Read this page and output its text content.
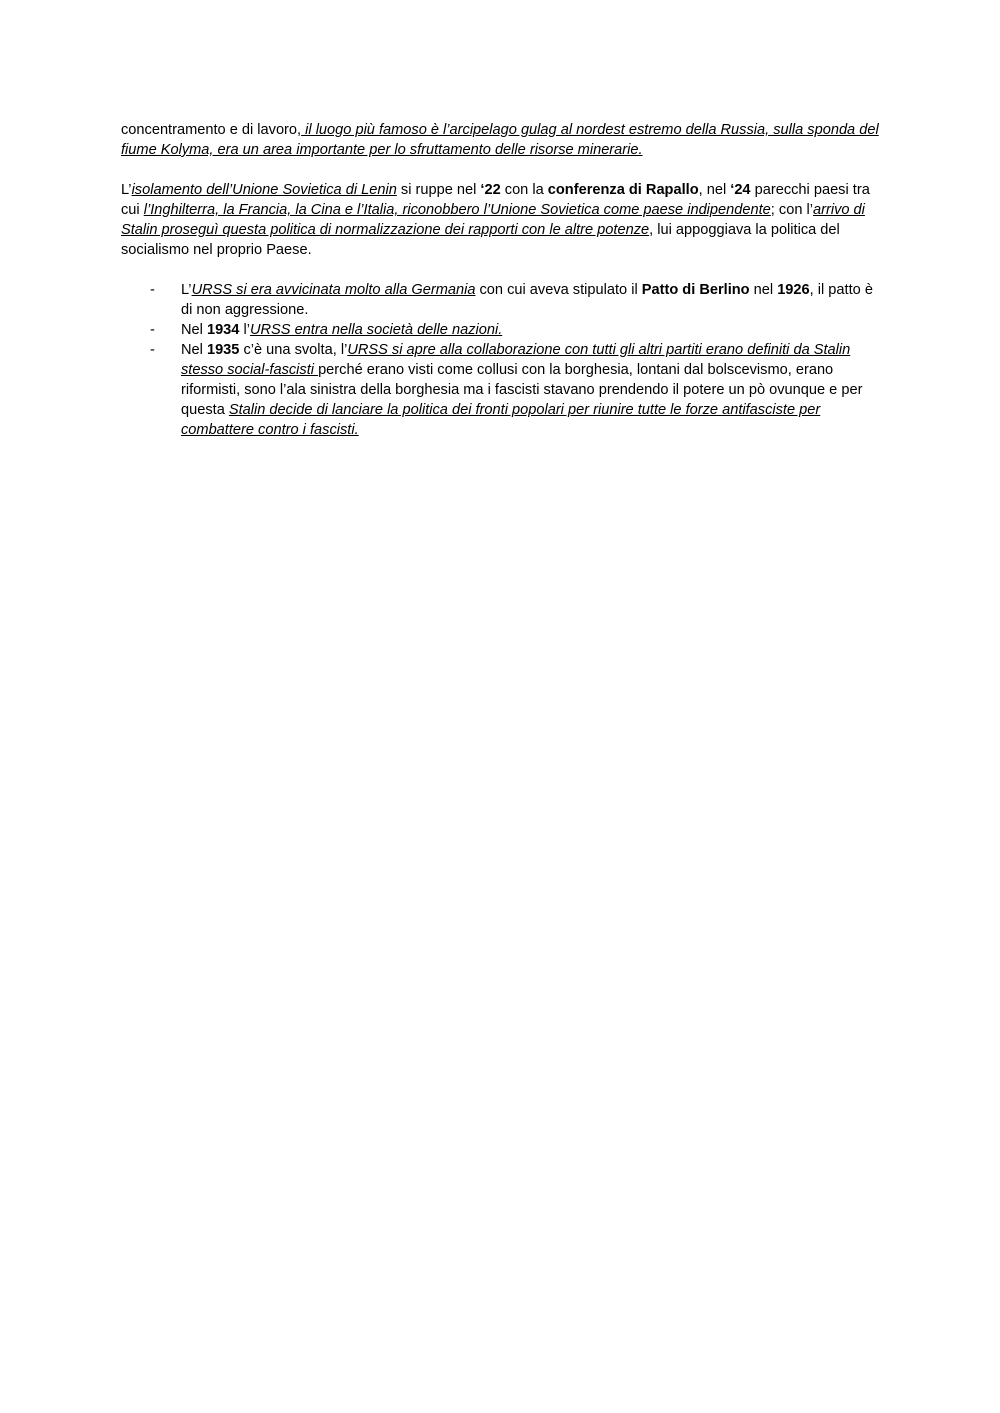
concentramento e di lavoro, il luogo più famoso è l’arcipelago gulag al nordest estremo della Russia, sulla sponda del fiume Kolyma, era un area importante per lo sfruttamento delle risorse minerarie.

L’isolamento dell’Unione Sovietica di Lenin si ruppe nel ‘22 con la conferenza di Rapallo, nel ‘24 parecchi paesi tra cui l’Inghilterra, la Francia, la Cina e l’Italia, riconobbero l’Unione Sovietica come paese indipendente; con l’arrivo di Stalin proseguì questa politica di normalizzazione dei rapporti con le altre potenze, lui appoggiava la politica del socialismo nel proprio Paese.

- L’URSS si era avvicinata molto alla Germania con cui aveva stipulato il Patto di Berlino nel 1926, il patto è di non aggressione.
- Nel 1934 l’URSS entra nella società delle nazioni.
- Nel 1935 c’è una svolta, l’URSS si apre alla collaborazione con tutti gli altri partiti erano definiti da Stalin stesso social-fascisti perché erano visti come collusi con la borghesia, lontani dal bolscevismo, erano riformisti, sono l’ala sinistra della borghesia ma i fascisti stavano prendendo il potere un pò ovunque e per questa Stalin decide di lanciare la politica dei fronti popolari per riunire tutte le forze antifasciste per combattere contro i fascisti.
